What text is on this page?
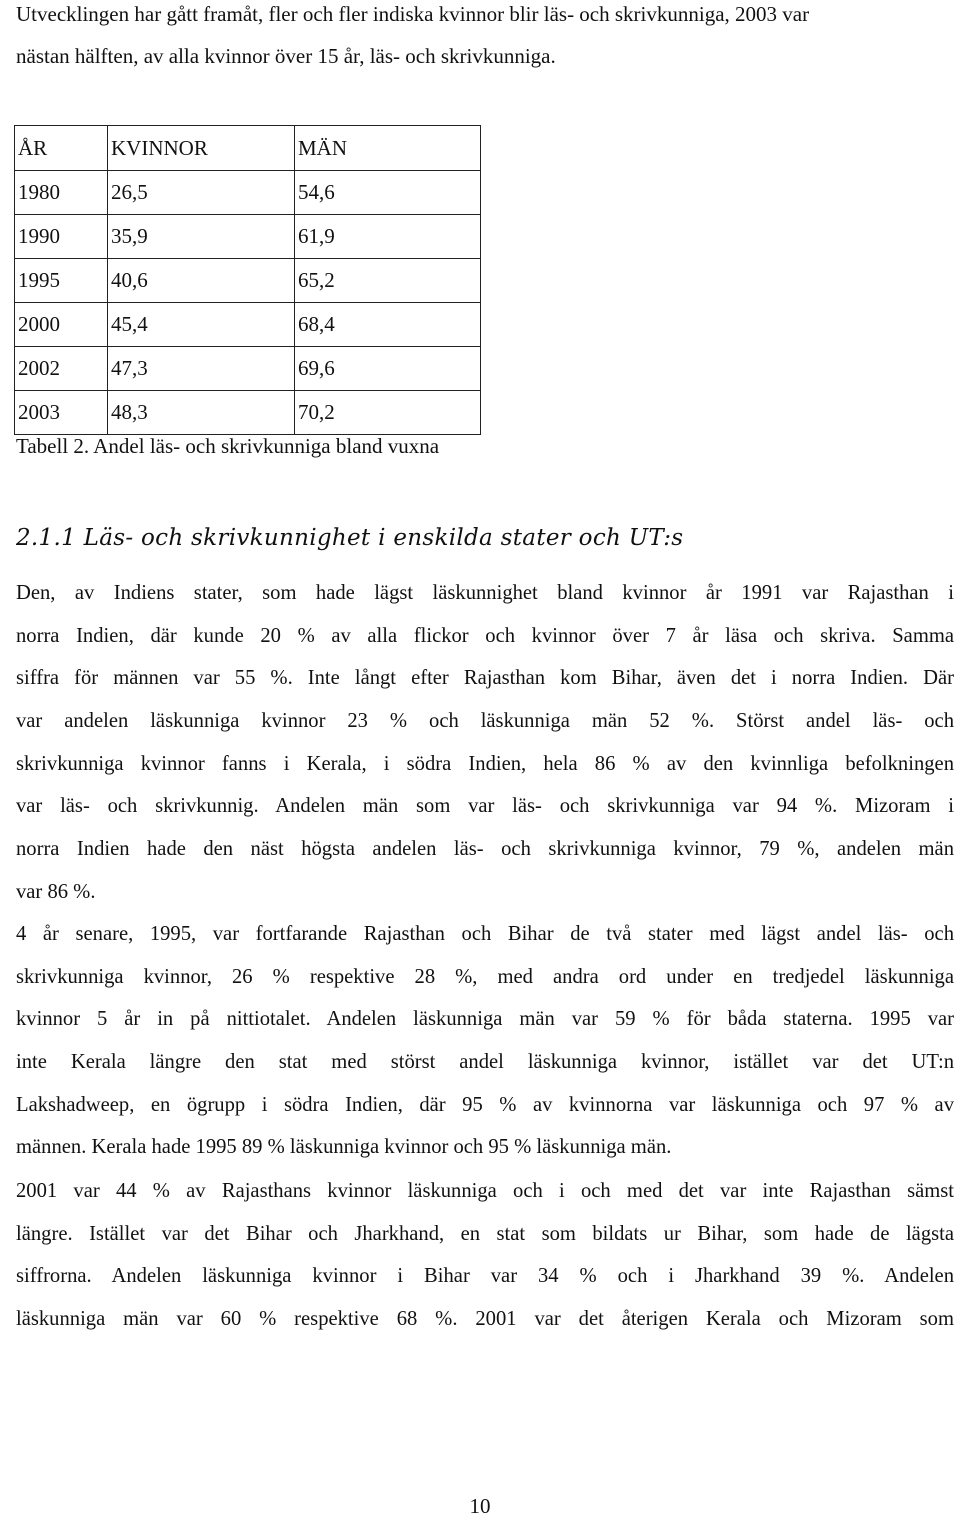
Utvecklingen har gått framåt, fler och fler indiska kvinnor blir läs- och skrivkunniga, 2003 var
nästan hälften, av alla kvinnor över 15 år, läs- och skrivkunniga.
ÅR	KVINNOR	MÄN
1980	26,5	54,6
1990	35,9	61,9
1995	40,6	65,2
2000	45,4	68,4
2002	47,3	69,6
2003	48,3	70,2
Tabell 2. Andel läs- och skrivkunniga bland vuxna
2.1.1 Läs- och skrivkunnighet i enskilda stater och UT:s
Den, av Indiens stater, som hade lägst läskunnighet bland kvinnor år 1991 var Rajasthan i
norra Indien, där kunde 20 % av alla flickor och kvinnor över 7 år läsa och skriva. Samma
siffra för männen var 55 %. Inte långt efter Rajasthan kom Bihar, även det i norra Indien. Där
var andelen läskunniga kvinnor 23 % och läskunniga män 52 %. Störst andel läs- och
skrivkunniga kvinnor fanns i Kerala, i södra Indien, hela 86 % av den kvinnliga befolkningen
var läs- och skrivkunnig. Andelen män som var läs- och skrivkunniga var 94 %. Mizoram i
norra Indien hade den näst högsta andelen läs- och skrivkunniga kvinnor, 79 %, andelen män
var 86 %.
4 år senare, 1995, var fortfarande Rajasthan och Bihar de två stater med lägst andel läs- och
skrivkunniga kvinnor, 26 % respektive 28 %, med andra ord under en tredjedel läskunniga
kvinnor 5 år in på nittiotalet. Andelen läskunniga män var 59 % för båda staterna. 1995 var
inte Kerala längre den stat med störst andel läskunniga kvinnor, istället var det UT:n
Lakshadweep, en ögrupp i södra Indien, där 95 % av kvinnorna var läskunniga och 97 % av
männen. Kerala hade 1995 89 % läskunniga kvinnor och 95 % läskunniga män.
2001 var 44 % av Rajasthans kvinnor läskunniga och i och med det var inte Rajasthan sämst
längre. Istället var det Bihar och Jharkhand, en stat som bildats ur Bihar, som hade de lägsta
siffrorna. Andelen läskunniga kvinnor i Bihar var 34 % och i Jharkhand 39 %. Andelen
läskunniga män var 60 % respektive 68 %. 2001 var det återigen Kerala och Mizoram som
10
